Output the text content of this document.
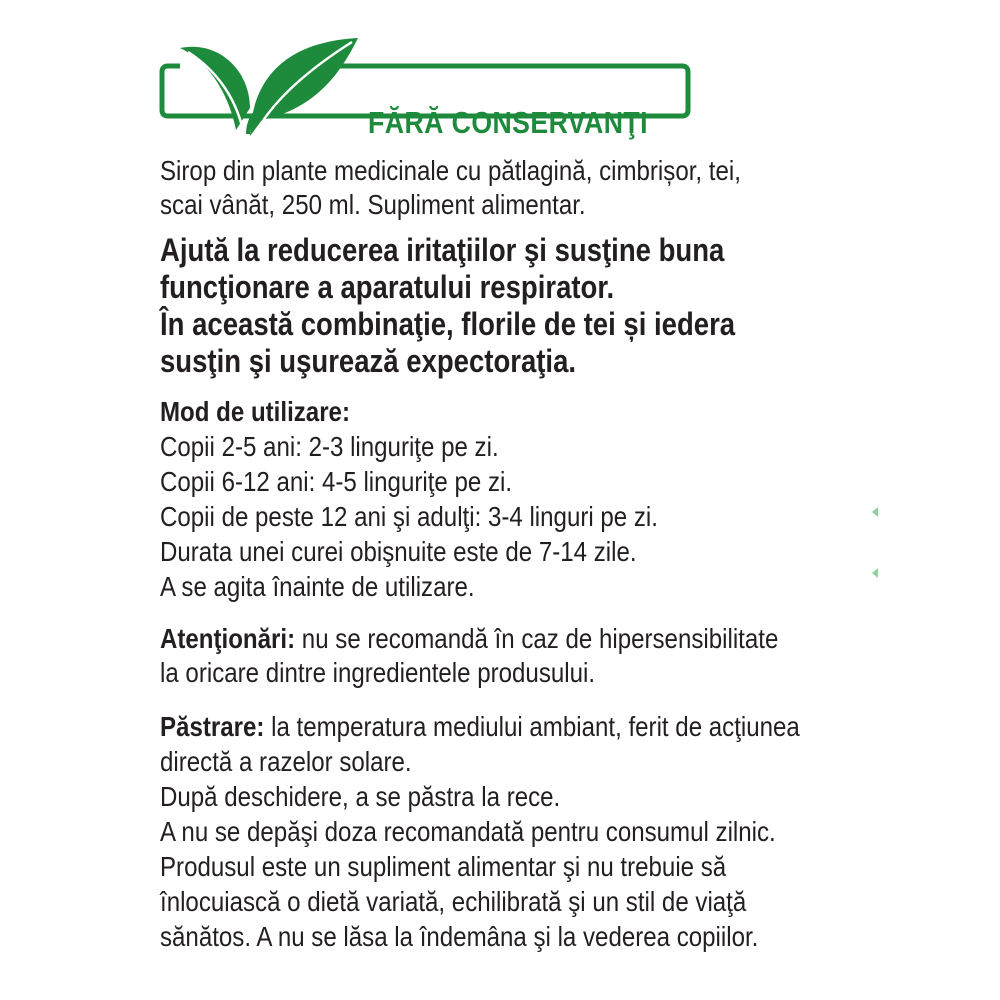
FĂRĂ CONSERVANŢI
Sirop din plante medicinale cu pătlagină, cimbrișor, tei,
scai vânăt, 250 ml. Supliment alimentar.
Ajută la reducerea iritaţiilor şi susţine buna
funcţionare a aparatului respirator.
În această combinaţie, florile de tei și iedera
susţin şi uşurează expectoraţia.
Mod de utilizare:
Copii 2-5 ani: 2-3 linguriţe pe zi.
Copii 6-12 ani: 4-5 linguriţe pe zi.
Copii de peste 12 ani şi adulţi: 3-4 linguri pe zi.
Durata unei curei obişnuite este de 7-14 zile.
A se agita înainte de utilizare.
Atenţionări: nu se recomandă în caz de hipersensibilitate
la oricare dintre ingredientele produsului.
Păstrare: la temperatura mediului ambiant, ferit de acţiunea
directă a razelor solare.
După deschidere, a se păstra la rece.
A nu se depăşi doza recomandată pentru consumul zilnic.
Produsul este un supliment alimentar şi nu trebuie să
înlocuiască o dietă variată, echilibrată şi un stil de viaţă
sănătos. A nu se lăsa la îndemâna şi la vederea copiilor.
